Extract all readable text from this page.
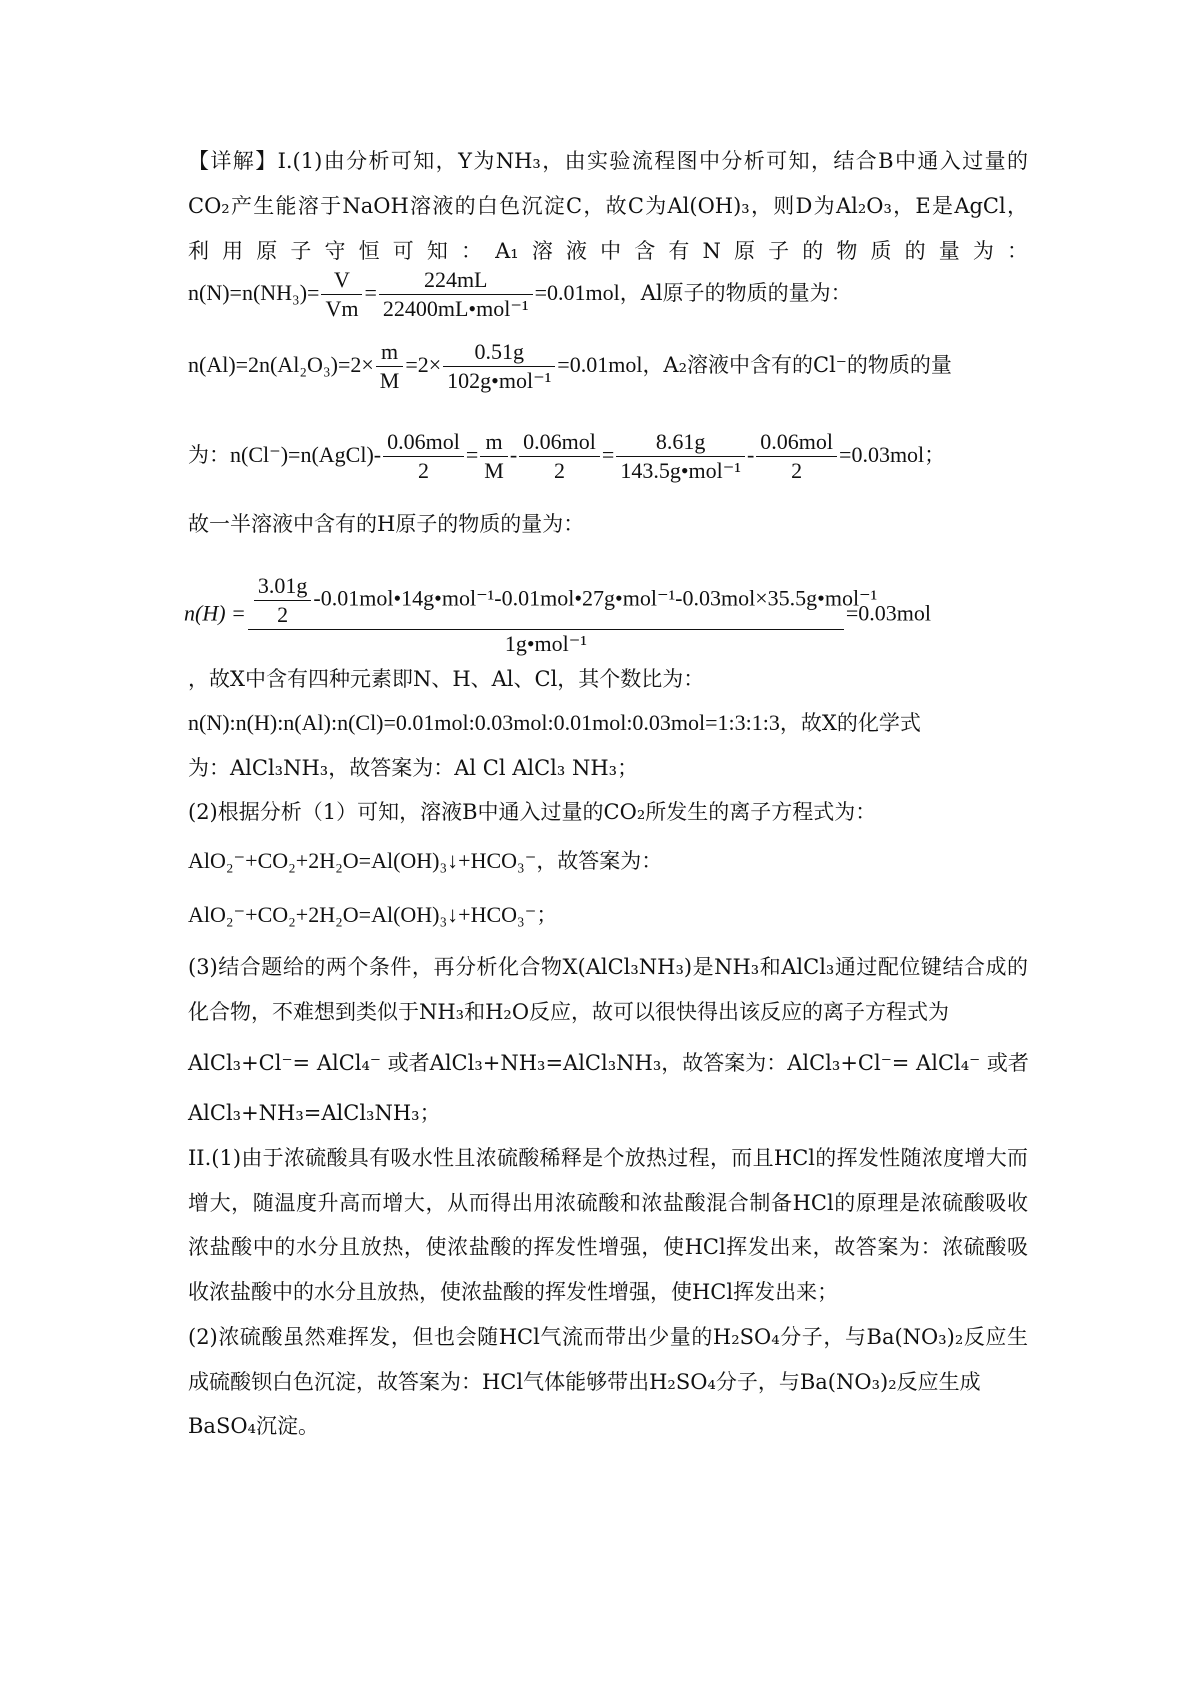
【详解】I.(1)由分析可知，Y为NH₃，由实验流程图中分析可知，结合B中通入过量的
CO₂产生能溶于NaOH溶液的白色沉淀C，故C为Al(OH)₃，则D为Al₂O₃，E是AgCl，
利用原子守恒可知：A₁溶液中含有N原子的物质的量为：
$n(N)=n(NH_3)= \frac{V}{Vm} = \frac{224mL}{\text{22400mL•mol⁻¹}} =0.01mol$，Al原子的物质的量为：
$n(Al)=2n(Al_2O_3)=2\times \frac{m}{M} =2\times \frac{0.51g}{\text{102g•mol⁻¹}} =0.01mol$，A₂溶液中含有的Cl⁻的物质的量
为：n(Cl⁻)=n(AgCl)- $\frac{\text{0.06mol}}{2} = \frac{m}{M} - \frac{\text{0.06mol}}{2} = \frac{8.61g}{\text{143.5g•mol⁻¹}} - \frac{\text{0.06mol}}{2} =0.03mol$；
故一半溶液中含有的H原子的物质的量为：
$n(H) = \frac{3.01g}{2}$ -0.01mol•14g•mol⁻¹-0.01mol•27g•mol⁻¹-0.03mol×35.5g•mol⁻¹
1g•mol⁻¹
=0.03mol
，故X中含有四种元素即N、H、Al、Cl，其个数比为：
n(N):n(H):n(Al):n(Cl)=0.01mol:0.03mol:0.01mol:0.03mol=1:3:1:3，故X的化学式
为：AlCl₃NH₃，故答案为：Al Cl AlCl₃ NH₃；
(2)根据分析（1）可知，溶液B中通入过量的CO₂所发生的离子方程式为：
AlO₂⁻+CO₂+2H₂O=Al(OH)₃↓+HCO₃⁻，故答案为：
AlO₂⁻+CO₂+2H₂O=Al(OH)₃↓+HCO₃⁻；
(3)结合题给的两个条件，再分析化合物X(AlCl₃NH₃)是NH₃和AlCl₃通过配位键结合成的
化合物，不难想到类似于NH₃和H₂O反应，故可以很快得出该反应的离子方程式为
AlCl₃+Cl⁻= AlCl₄⁻ 或者AlCl₃+NH₃=AlCl₃NH₃，故答案为：AlCl₃+Cl⁻= AlCl₄⁻ 或者
AlCl₃+NH₃=AlCl₃NH₃；
II.(1)由于浓硫酸具有吸水性且浓硫酸稀释是个放热过程，而且HCl的挥发性随浓度增大而
增大，随温度升高而增大，从而得出用浓硫酸和浓盐酸混合制备HCl的原理是浓硫酸吸收
浓盐酸中的水分且放热，使浓盐酸的挥发性增强，使HCl挥发出来，故答案为：浓硫酸吸
收浓盐酸中的水分且放热，使浓盐酸的挥发性增强，使HCl挥发出来；
(2)浓硫酸虽然难挥发，但也会随HCl气流而带出少量的H₂SO₄分子，与Ba(NO₃)₂反应生
成硫酸钡白色沉淀，故答案为：HCl气体能够带出H₂SO₄分子，与Ba(NO₃)₂反应生成
BaSO₄沉淀。
